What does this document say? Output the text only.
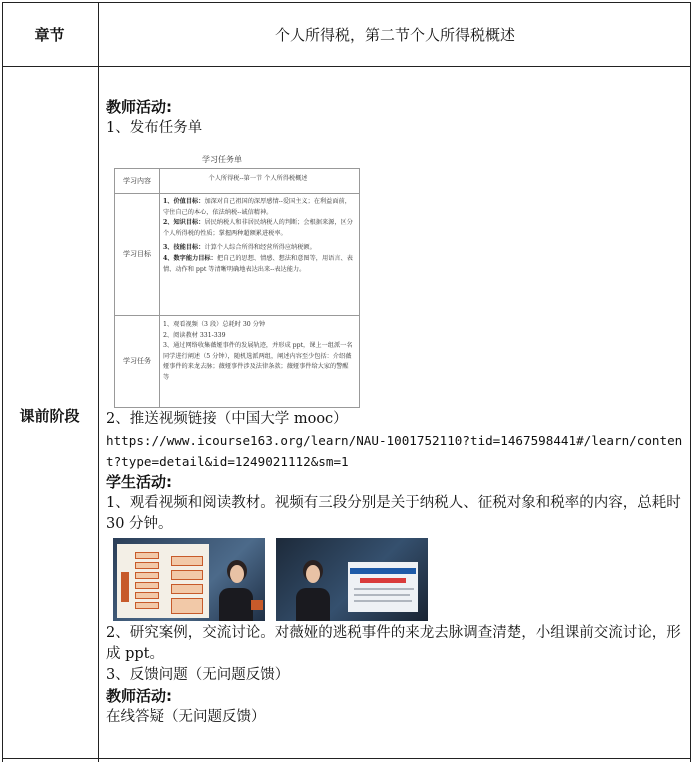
章节	个人所得税，第二节个人所得税概述
课前阶段

教师活动:

1、发布任务单

2、推送视频链接（中国大学 mooc）

https://www.icourse163.org/learn/NAU-1001752110?tid=1467598441#/learn/content?type=detail&id=1249021112&sm=1

学生活动:

1、观看视频和阅读教材。视频有三段分别是关于纳税人、征税对象和税率的内容，总耗时 30 分钟。

2、研究案例，交流讨论。对薇娅的逃税事件的来龙去脉调查清楚，小组课前交流讨论，形成 ppt。

3、反馈问题（无问题反馈）

教师活动:

在线答疑（无问题反馈）

学习任务单
学习内容	个人所得税--第一节 个人所得税概述
学习目标
1、价值目标：加深对自己祖国的深厚感情--爱国主义；在利益面前，守住自己的本心，依法纳税--诚信精神。
2、知识目标：居民纳税人和非居民纳税人的判断；会根据来源，区分个人所得税的性质；掌握两种超额累进税率。
3、技能目标：计算个人综合所得和经营所得应纳税额。
4、数字能力目标：把自己的思想、情感、想法和意图等，用语言、表情、动作和 ppt 等清晰明确地表达出来--表达能力。
学习任务
1、观看视频（3 段）总耗时 30 分钟
2、阅读教材 331-339
3、通过网络收集薇娅事件的发展轨迹，并形成 ppt，课上一组派一名同学进行阐述（5 分钟），随机选派两组，阐述内容至少包括：介绍薇娅事件的来龙去脉；薇娅事件涉及法律条款；薇娅事件给大家的警醒等
